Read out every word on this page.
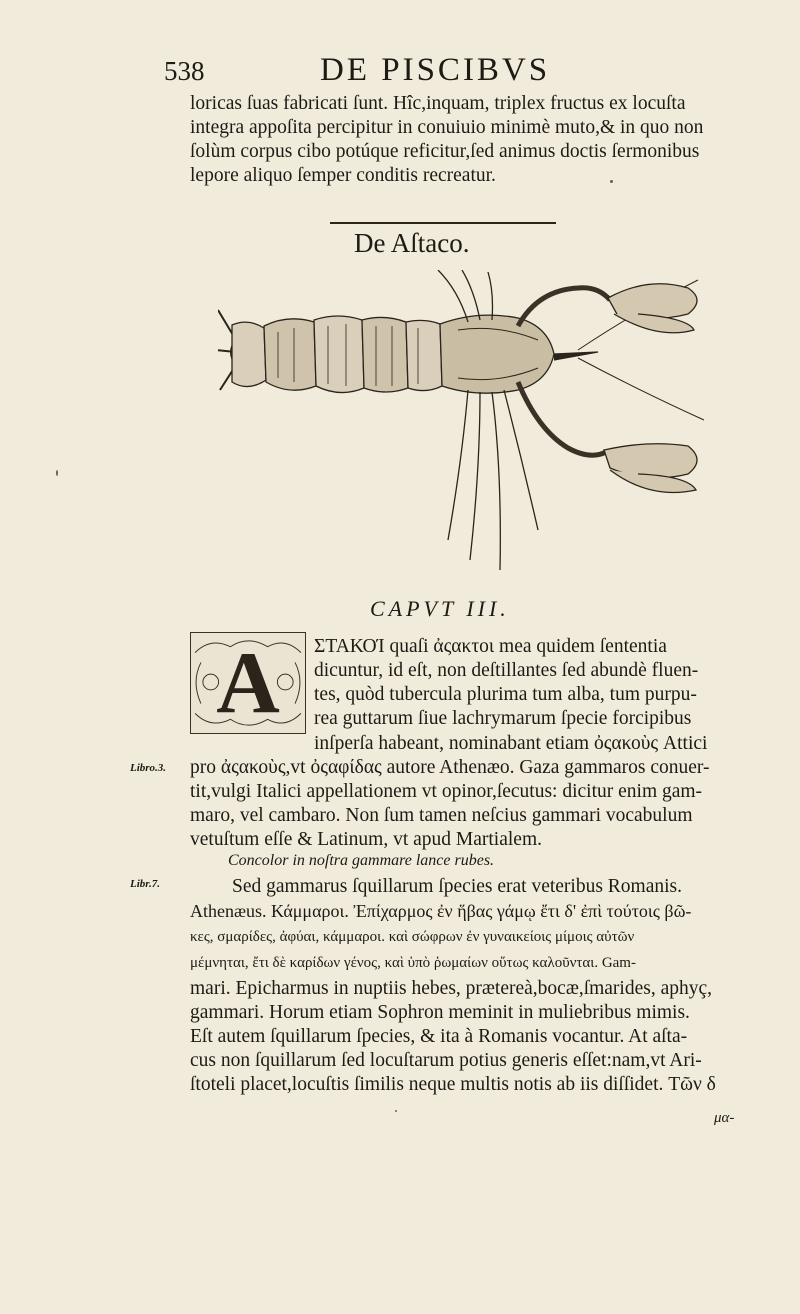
538	DE PISCIBVS
loricas ſuas fabricati ſunt. Hîc,inquam, triplex fructus ex locuſta
integra appoſita percipitur in conuiuio minimè muto,& in quo non
ſolùm corpus cibo potúque reficitur,ſed animus doctis ſermonibus
lepore aliquo ſemper conditis recreatur.
De Aſtaco.
CAPVT III.
A	ΣΤΑΚΟΊ quaſi ἀςακτοι mea quidem ſententia
dicuntur, id eſt, non deſtillantes ſed abundè fluen-
tes, quòd tubercula plurima tum alba, tum purpu-
rea guttarum ſiue lachrymarum ſpecie forcipibus
inſperſa habeant, nominabant etiam ὀςακοὺς Attici
pro ἀςακοὺς,vt ὀςαφίδας autore Athenæo. Gaza gammaros conuer-
tit,vulgi Italici appellationem vt opinor,ſecutus: dicitur enim gam-
maro, vel cambaro. Non ſum tamen neſcius gammari vocabulum
Libro.3.
Libr.7.
Concolor in noſtra gammare lance rubes.
Sed gammarus ſquillarum ſpecies erat veteribus Romanis.
Athenæus. Κάμμαροι. Ἐπίχαρμος ἐν ἥβας γάμῳ ἔτι δ' ἐπὶ τούτοις βῶ-
κες, σμαρίδες, ἀφύαι, κάμμαροι. καὶ σώφρων ἐν γυναικείοις μίμοις αὐτῶν
μέμνηται, ἔτι δὲ καρίδων γένος, καὶ ὑπὸ ῥωμαίων οὕτως καλοῦνται. Gam-
mari. Epicharmus in nuptiis hebes, prætereà,bocæ,ſmarides, aphyç,
gammari. Horum etiam Sophron meminit in muliebribus mimis.
Eſt autem ſquillarum ſpecies, & ita à Romanis vocantur. At aſta-
cus non ſquillarum ſed locuſtarum potius generis eſſet:nam,vt Ari-
ſtoteli placet,locuſtis ſimilis neque multis notis ab iis diſſidet. Τῶν δ
μα-
vetuſtum eſſe & Latinum, vt apud Martialem.
